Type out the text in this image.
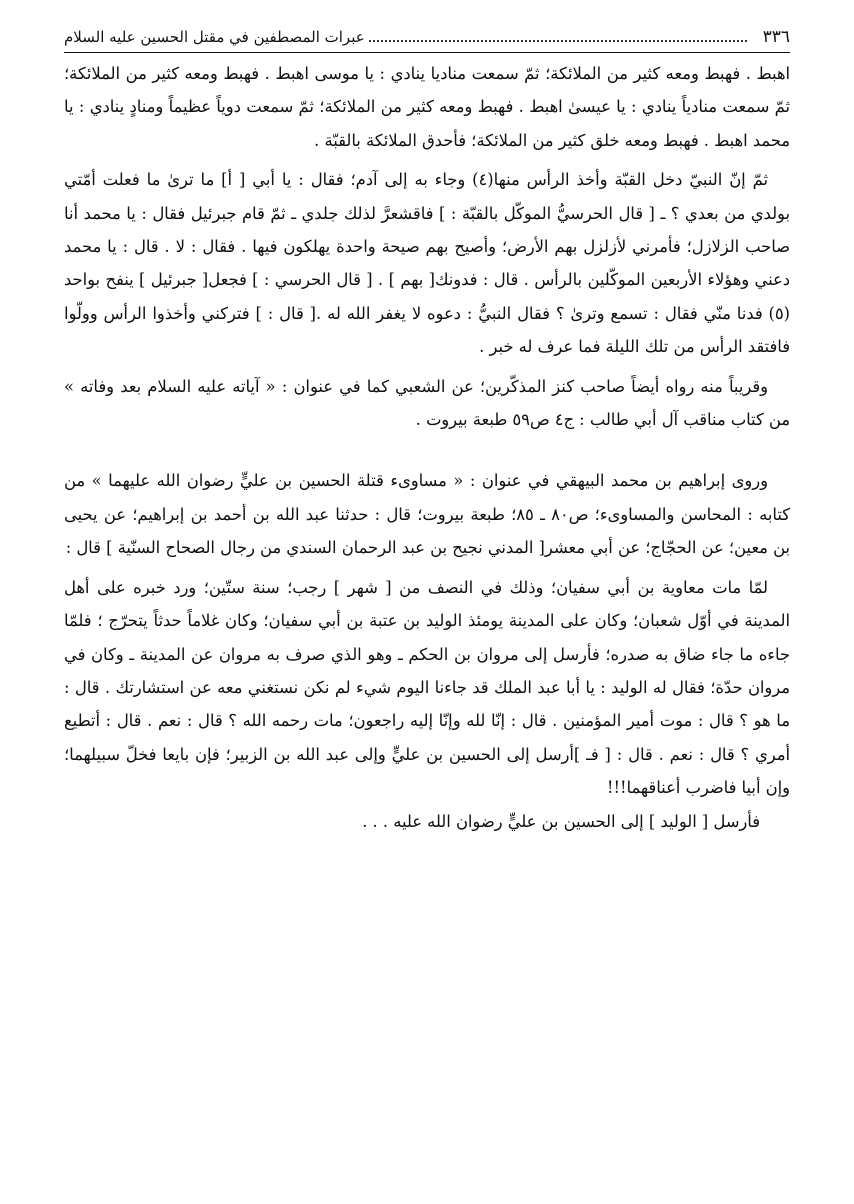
٣٣٦
عبرات المصطفين في مقتل الحسين عليه السلام

اهبط . فهبط ومعه كثير من الملائكة؛ ثمّ سمعت مناديا ينادي : يا موسى اهبط . فهبط ومعه كثير من الملائكة؛ ثمّ سمعت منادياً ينادي : يا عيسىٰ اهبط . فهبط ومعه كثير من الملائكة؛ ثمّ سمعت دوياً عظيماً ومنادٍ ينادي : يا محمد اهبط . فهبط ومعه خلق كثير من الملائكة؛ فأحدق الملائكة بالقبّة .

ثمّ إنّ النبيّ دخل القبّة وأخذ الرأس منها(٤) وجاء به إلى آدم؛ فقال : يا أبي [ أ] ما ترىٰ ما فعلت أمّتي بولدي من بعدي ؟ ـ [ قال الحرسيُّ الموكّل بالقبّة : ] فاقشعرَّ لذلك جلدي ـ ثمّ قام جبرئيل فقال : يا محمد أنا صاحب الزلازل؛ فأمرني لأزلزل بهم الأرض؛ وأصيح بهم صيحة واحدة يهلكون فيها . فقال : لا . قال : يا محمد دعني وهؤلاء الأربعين الموكّلين بالرأس . قال : فدونك[ بهم ] . [ قال الحرسي : ] فجعل[ جبرئيل ] ينفح بواحد (٥) فدنا منّي فقال : تسمع وترىٰ ؟ فقال النبيُّ : دعوه لا يغفر الله له .[ قال : ] فتركني وأخذوا الرأس وولّوا فافتقد الرأس من تلك الليلة فما عرف له خبر .

وقريباً منه رواه أيضاً صاحب كنز المذكّرين؛ عن الشعبي كما في عنوان : « آياته عليه السلام بعد وفاته » من كتاب مناقب آل أبي طالب : ج٤ ص٥٩ طبعة بيروت .

وروى إبراهيم بن محمد البيهقي في عنوان : « مساوىء قتلة الحسين بن عليٍّ رضوان الله عليهما » من كتابه : المحاسن والمساوىء؛ ص٨٠ ـ ٨٥؛ طبعة بيروت؛ قال : حدثنا عبد الله بن أحمد بن إبراهيم؛ عن يحيى بن معين؛ عن الحجّاج؛ عن أبي معشر[ المدني نجيح بن عبد الرحمان السندي من رجال الصحاح السنّية ] قال :

لمّا مات معاوية بن أبي سفيان؛ وذلك في النصف من [ شهر ] رجب؛ سنة ستّين؛ ورد خبره على أهل المدينة في أوّل شعبان؛ وكان على المدينة يومئذ الوليد بن عتبة بن أبي سفيان؛ وكان غلاماً حدثاً يتحرّج ؛ فلمّا جاءه ما جاء ضاق به صدره؛ فأرسل إلى مروان بن الحكم ـ وهو الذي صرف به مروان عن المدينة ـ وكان في مروان حدّة؛ فقال له الوليد : يا أبا عبد الملك قد جاءنا اليوم شيء لم نكن نستغني معه عن استشارتك . قال : ما هو ؟ قال : موت أمير المؤمنين . قال : إنّا لله وإنّا إليه راجعون؛ مات رحمه الله ؟ قال : نعم . قال : أتطيع أمري ؟ قال : نعم . قال : [ فـ ]أرسل إلى الحسين بن عليٍّ وإلى عبد الله بن الزبير؛ فإن بايعا فخلّ سبيلهما؛ وإن أبيا فاضرب أعناقهما!!!

فأرسل [ الوليد ] إلى الحسين بن عليٍّ رضوان الله عليه . . .
